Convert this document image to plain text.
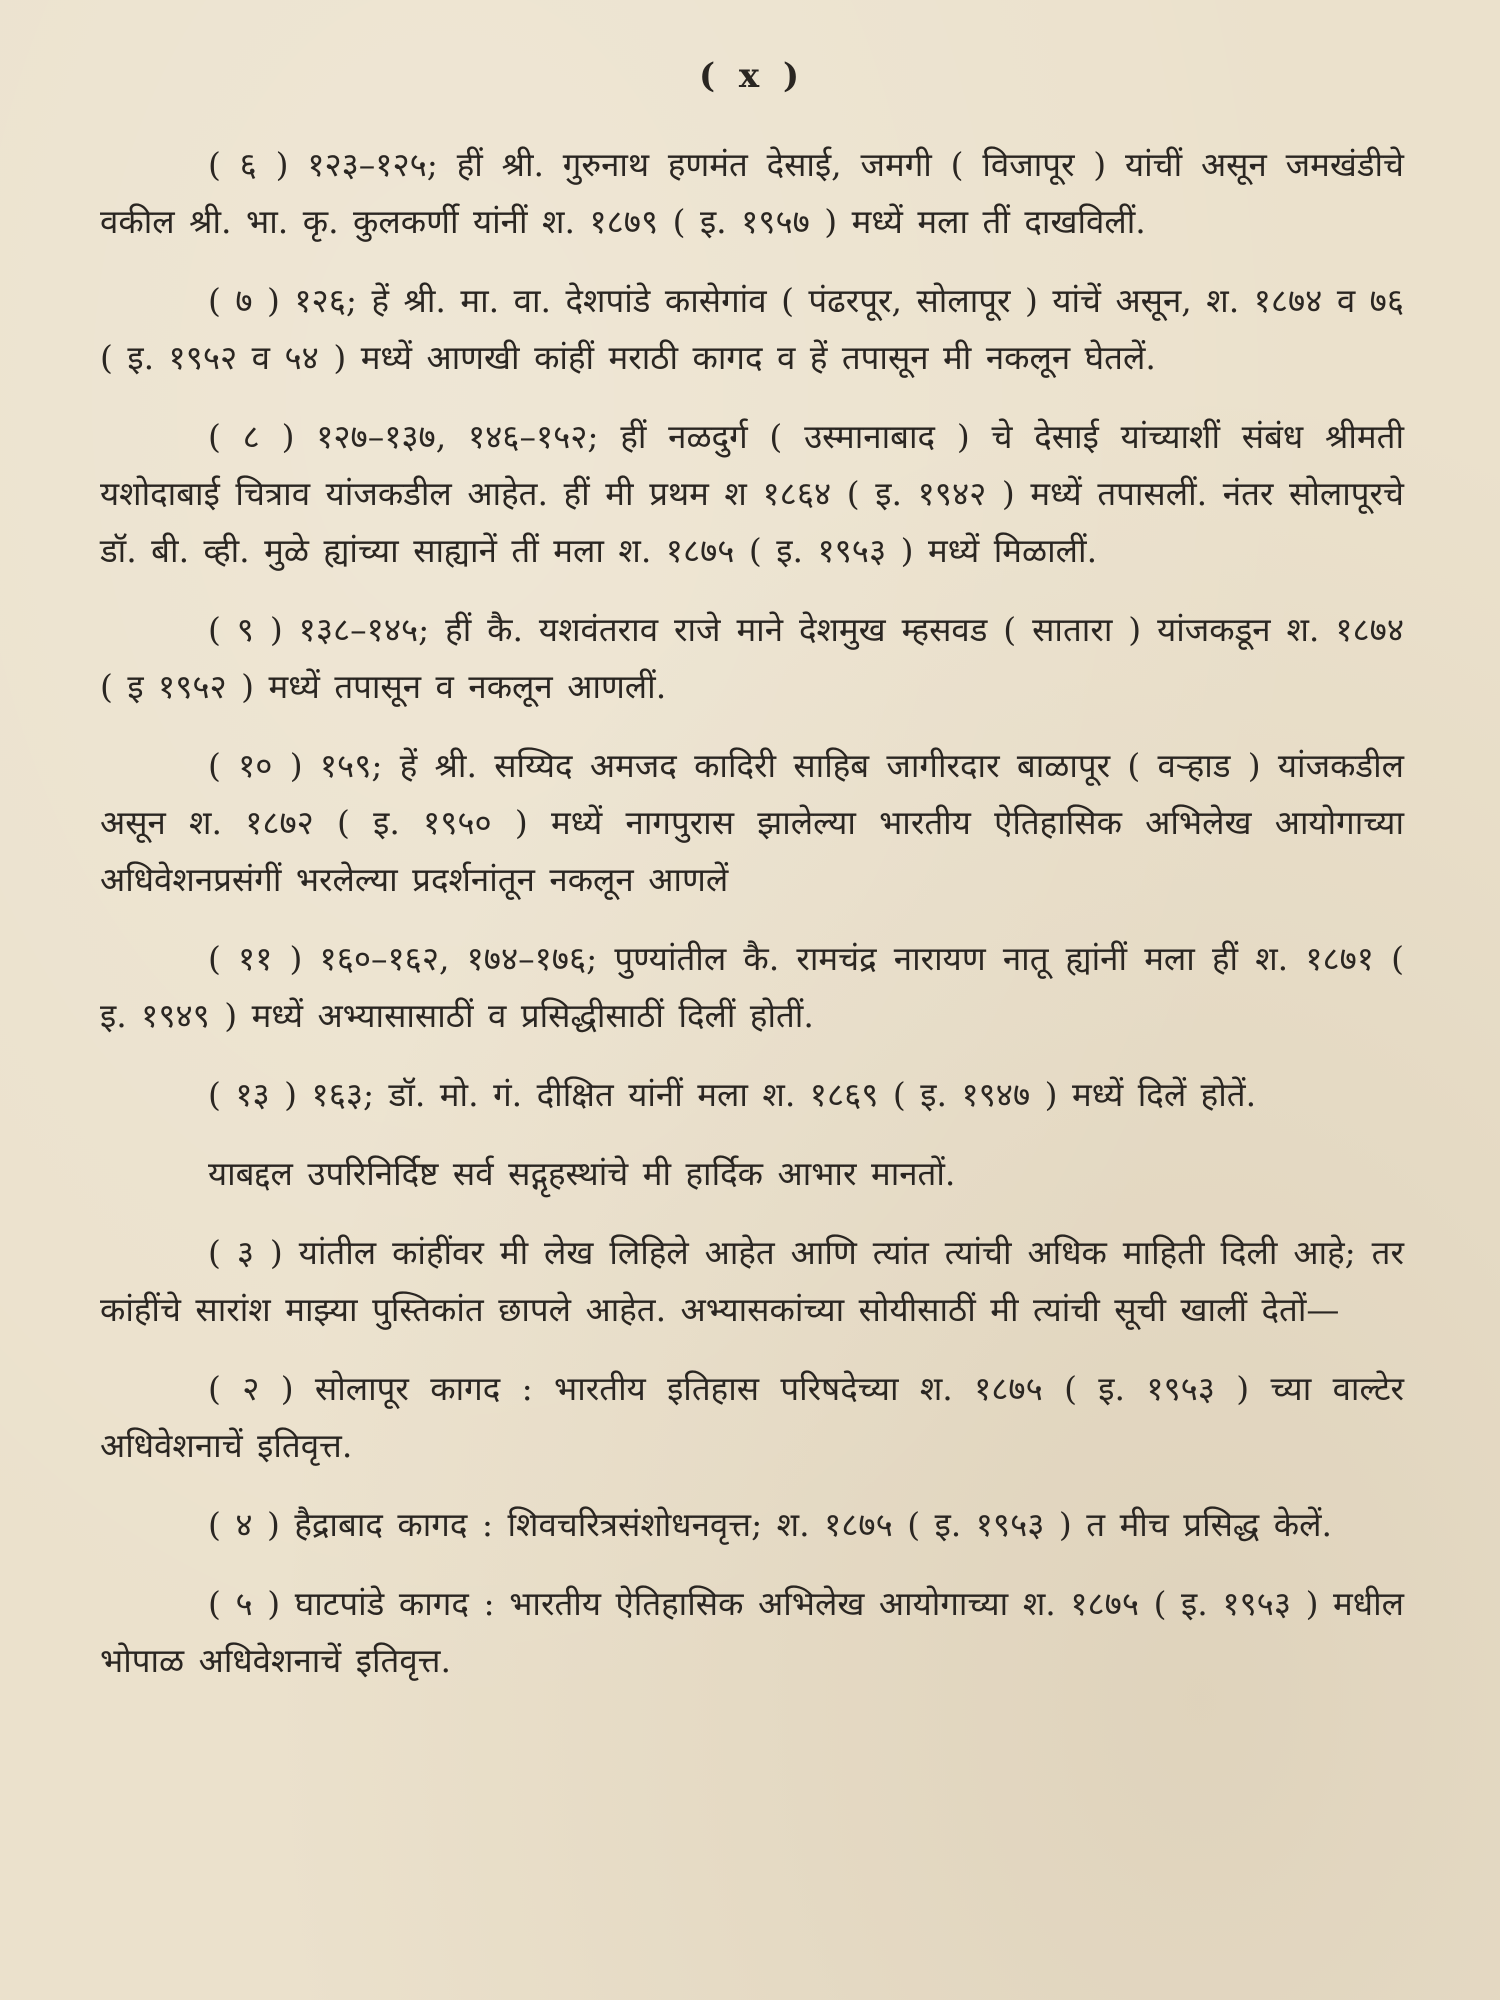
( x )

( ६ ) १२३–१२५; हीं श्री. गुरुनाथ हणमंत देसाई, जमगी ( विजापूर ) यांचीं असून जमखंडीचे वकील श्री. भा. कृ. कुलकर्णी यांनीं श. १८७९ ( इ. १९५७ ) मध्यें मला तीं दाखविलीं.

( ७ ) १२६; हें श्री. मा. वा. देशपांडे कासेगांव ( पंढरपूर, सोलापूर ) यांचें असून, श. १८७४ व ७६ ( इ. १९५२ व ५४ ) मध्यें आणखी कांहीं मराठी कागद व हें तपासून मी नकलून घेतलें.

( ८ ) १२७–१३७, १४६–१५२; हीं नळदुर्ग ( उस्मानाबाद ) चे देसाई यांच्याशीं संबंध श्रीमती यशोदाबाई चित्राव यांजकडील आहेत. हीं मी प्रथम श १८६४ ( इ. १९४२ ) मध्यें तपासलीं. नंतर सोलापूरचे डॉ. बी. व्ही. मुळे ह्यांच्या साह्यानें तीं मला श. १८७५ ( इ. १९५३ ) मध्यें मिळालीं.

( ९ ) १३८–१४५; हीं कै. यशवंतराव राजे माने देशमुख म्हसवड ( सातारा ) यांजकडून श. १८७४ ( इ १९५२ ) मध्यें तपासून व नकलून आणलीं.

( १० ) १५९; हें श्री. सय्यिद अमजद कादिरी साहिब जागीरदार बाळापूर ( वऱ्हाड ) यांजकडील असून श. १८७२ ( इ. १९५० ) मध्यें नागपुरास झालेल्या भारतीय ऐतिहासिक अभिलेख आयोगाच्या अधिवेशनप्रसंगीं भरलेल्या प्रदर्शनांतून नकलून आणलें

( ११ ) १६०–१६२, १७४–१७६; पुण्यांतील कै. रामचंद्र नारायण नातू ह्यांनीं मला हीं श. १८७१ ( इ. १९४९ ) मध्यें अभ्यासासाठीं व प्रसिद्धीसाठीं दिलीं होतीं.

( १३ ) १६३; डॉ. मो. गं. दीक्षित यांनीं मला श. १८६९ ( इ. १९४७ ) मध्यें दिलें होतें.

याबद्दल उपरिनिर्दिष्ट सर्व सद्गृहस्थांचे मी हार्दिक आभार मानतों.

( ३ ) यांतील कांहींवर मी लेख लिहिले आहेत आणि त्यांत त्यांची अधिक माहिती दिली आहे; तर कांहींचे सारांश माझ्या पुस्तिकांत छापले आहेत. अभ्यासकांच्या सोयीसाठीं मी त्यांची सूची खालीं देतों—

( २ ) सोलापूर कागद : भारतीय इतिहास परिषदेच्या श. १८७५ ( इ. १९५३ ) च्या वाल्टेर अधिवेशनाचें इतिवृत्त.

( ४ ) हैद्राबाद कागद : शिवचरित्रसंशोधनवृत्त; श. १८७५ ( इ. १९५३ ) त मीच प्रसिद्ध केलें.

( ५ ) घाटपांडे कागद : भारतीय ऐतिहासिक अभिलेख आयोगाच्या श. १८७५ ( इ. १९५३ ) मधील भोपाळ अधिवेशनाचें इतिवृत्त.
